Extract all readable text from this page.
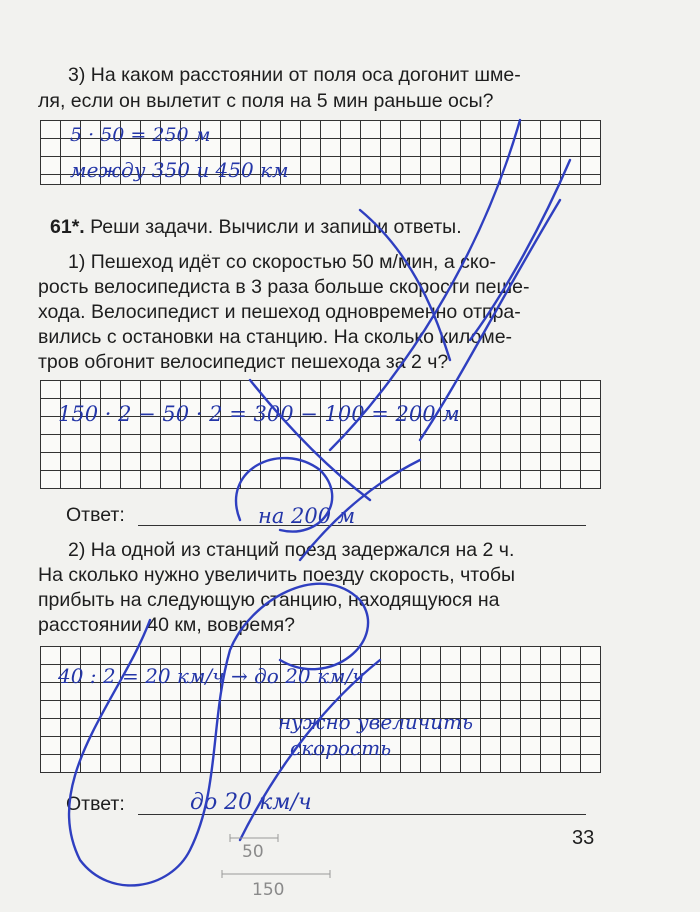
3) На каком расстоянии от поля оса догонит шме-
ля, если он вылетит с поля на 5 мин раньше осы?
5 · 50 = 250 м
между 350 и 450 км
61*. Реши задачи. Вычисли и запиши ответы.
1) Пешеход идёт со скоростью 50 м/мин, а ско-
рость велосипедиста в 3 раза больше скорости пеше-
хода. Велосипедист и пешеход одновременно отпра-
вились с остановки на станцию. На сколько киломе-
тров обгонит велосипедист пешехода за 2 ч?
150 · 2 − 50 · 2 = 300 − 100 = 200 м
Ответ:	на 200 м
2) На одной из станций поезд задержался на 2 ч.
На сколько нужно увеличить поезду скорость, чтобы
прибыть на следующую станцию, находящуюся на
расстоянии 40 км, вовремя?
40 : 2 = 20 км/ч → до 20 км/ч
нужно увеличить
скорость
Ответ:	до 20 км/ч
33
50
150
